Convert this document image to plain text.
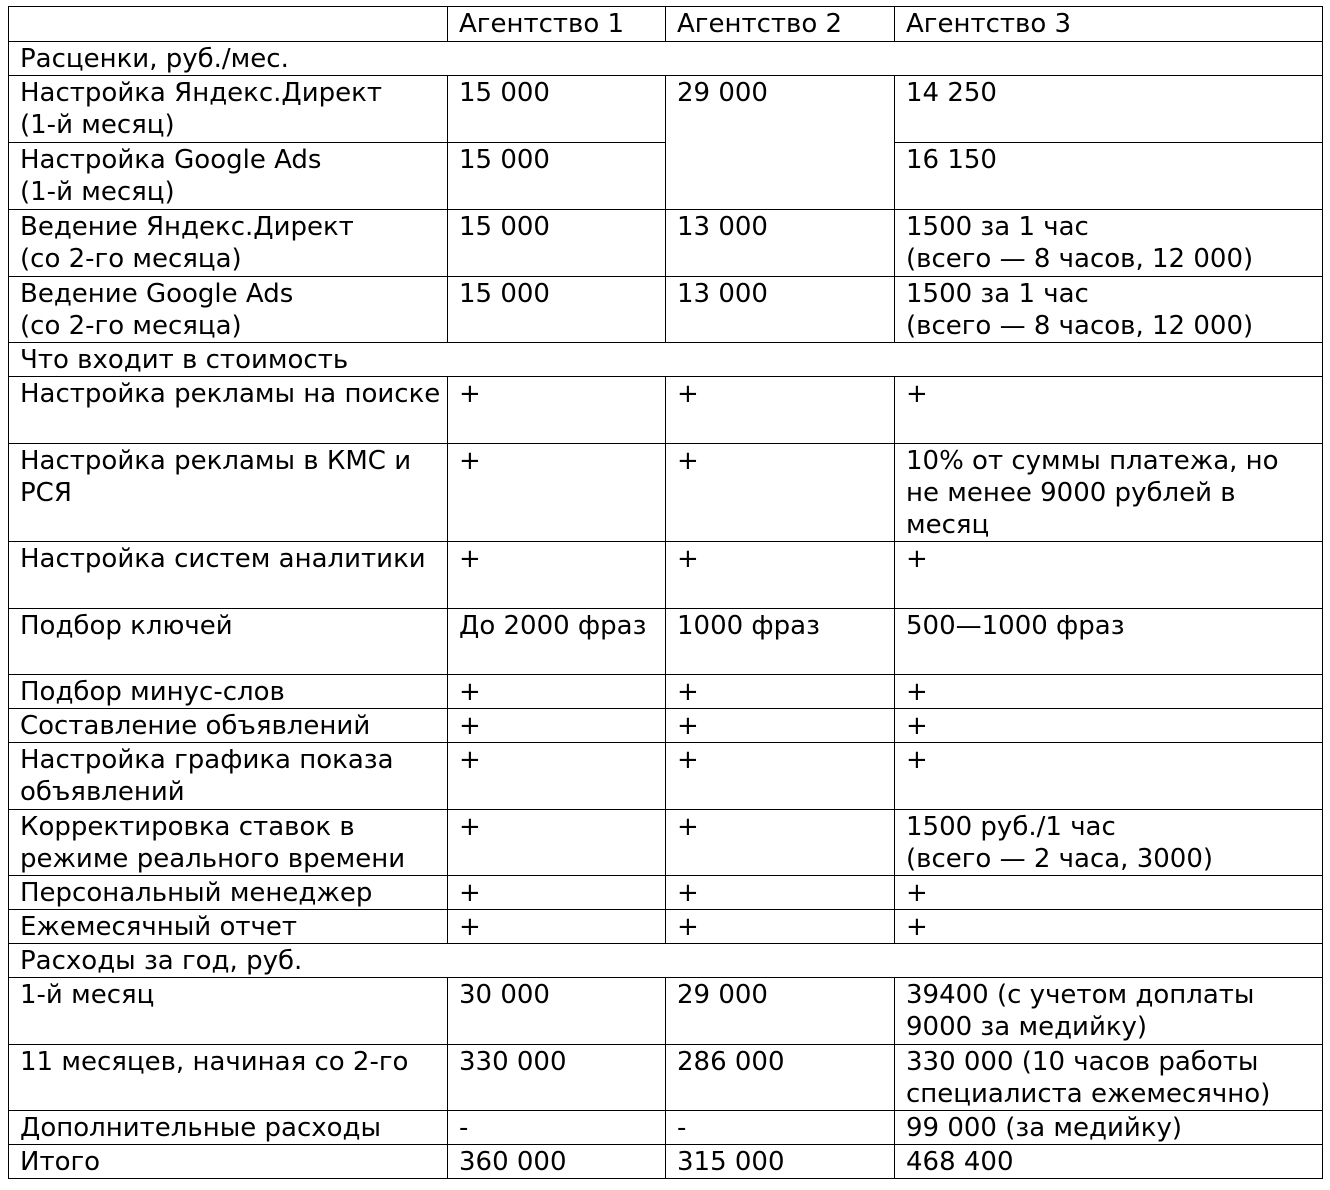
	Агентство 1	Агентство 2	Агентство 3
Расценки, руб./мес.			
Настройка Яндекс.Директ
(1-й месяц)	15 000	29 000	14 250
Настройка Google Ads
(1-й месяц)	15 000		16 150
Ведение Яндекс.Директ
(со 2-го месяца)	15 000	13 000	1500 за 1 час
(всего — 8 часов, 12 000)
Ведение Google Ads
(со 2-го месяца)	15 000	13 000	1500 за 1 час
(всего — 8 часов, 12 000)
Что входит в стоимость			
Настройка рекламы на поиске	+	+	+
Настройка рекламы в КМС и РСЯ	+	+	10% от суммы платежа, но не менее 9000 рублей в месяц
Настройка систем аналитики	+	+	+
Подбор ключей	До 2000 фраз	1000 фраз	500—1000 фраз
Подбор минус-слов	+	+	+
Составление объявлений	+	+	+
Настройка графика показа объявлений	+	+	+
Корректировка ставок в режиме реального времени	+	+	1500 руб./1 час
(всего — 2 часа, 3000)
Персональный менеджер	+	+	+
Ежемесячный отчет	+	+	+
Расходы за год, руб.			
1-й месяц	30 000	29 000	39400 (с учетом доплаты 9000 за медийку)
11 месяцев, начиная со 2-го	330 000	286 000	330 000 (10 часов работы специалиста ежемесячно)
Дополнительные расходы	-	-	99 000 (за медийку)
Итого	360 000	315 000	468 400
